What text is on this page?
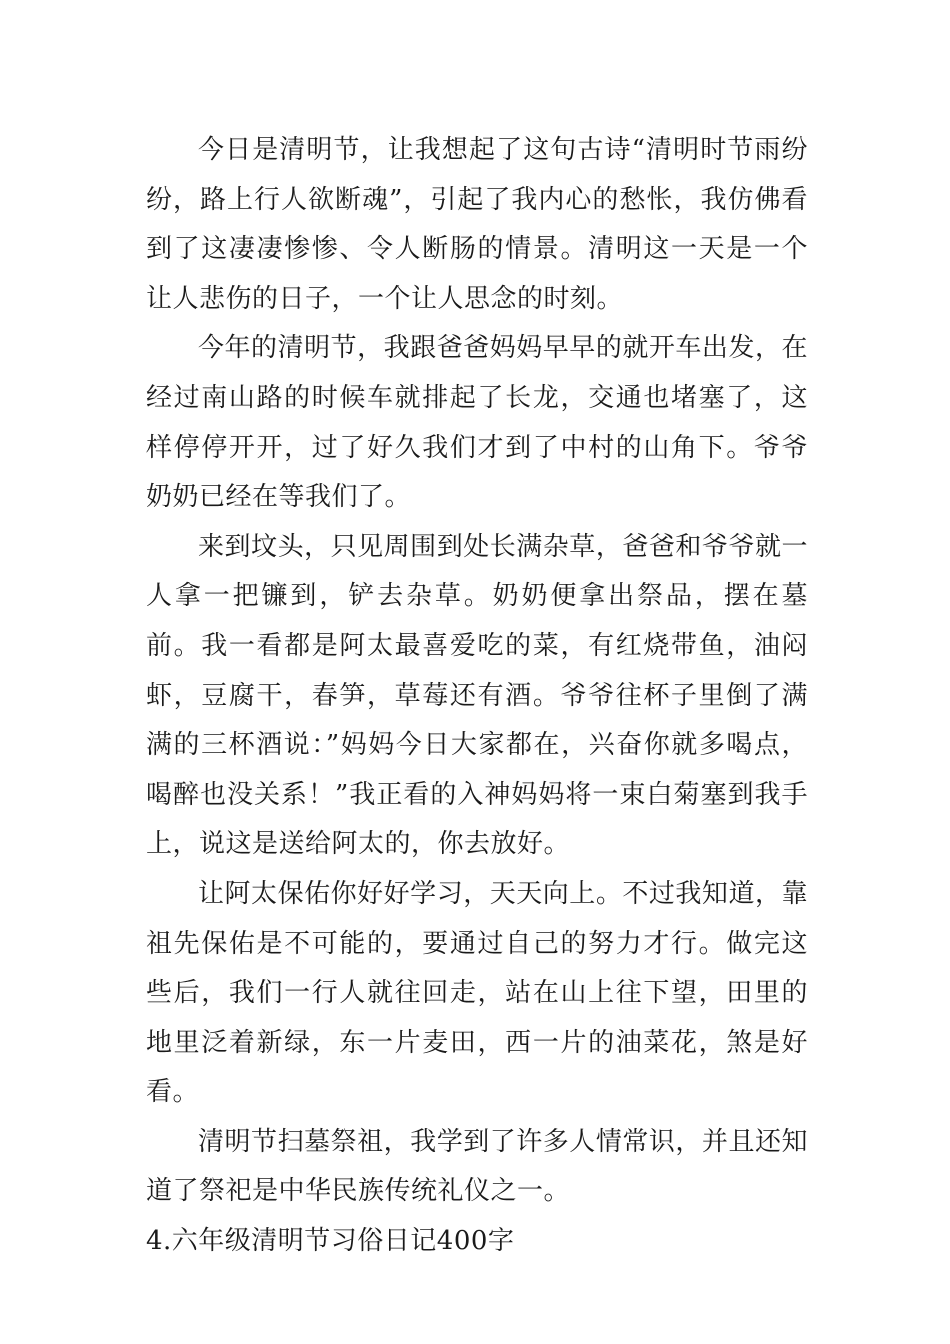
今日是清明节，让我想起了这句古诗“清明时节雨纷纷，路上行人欲断魂”，引起了我内心的愁怅，我仿佛看到了这凄凄惨惨、令人断肠的情景。清明这一天是一个让人悲伤的日子，一个让人思念的时刻。

今年的清明节，我跟爸爸妈妈早早的就开车出发，在经过南山路的时候车就排起了长龙，交通也堵塞了，这样停停开开，过了好久我们才到了中村的山角下。爷爷奶奶已经在等我们了。

来到坟头，只见周围到处长满杂草，爸爸和爷爷就一人拿一把镰到，铲去杂草。奶奶便拿出祭品，摆在墓前。我一看都是阿太最喜爱吃的菜，有红烧带鱼，油闷虾，豆腐干，春笋，草莓还有酒。爷爷往杯子里倒了满满的三杯酒说：”妈妈今日大家都在，兴奋你就多喝点，喝醉也没关系！”我正看的入神妈妈将一束白菊塞到我手上，说这是送给阿太的，你去放好。

让阿太保佑你好好学习，天天向上。不过我知道，靠祖先保佑是不可能的，要通过自己的努力才行。做完这些后，我们一行人就往回走，站在山上往下望，田里的地里泛着新绿，东一片麦田，西一片的油菜花，煞是好看。

清明节扫墓祭祖，我学到了许多人情常识，并且还知道了祭祀是中华民族传统礼仪之一。

4.六年级清明节习俗日记400字
